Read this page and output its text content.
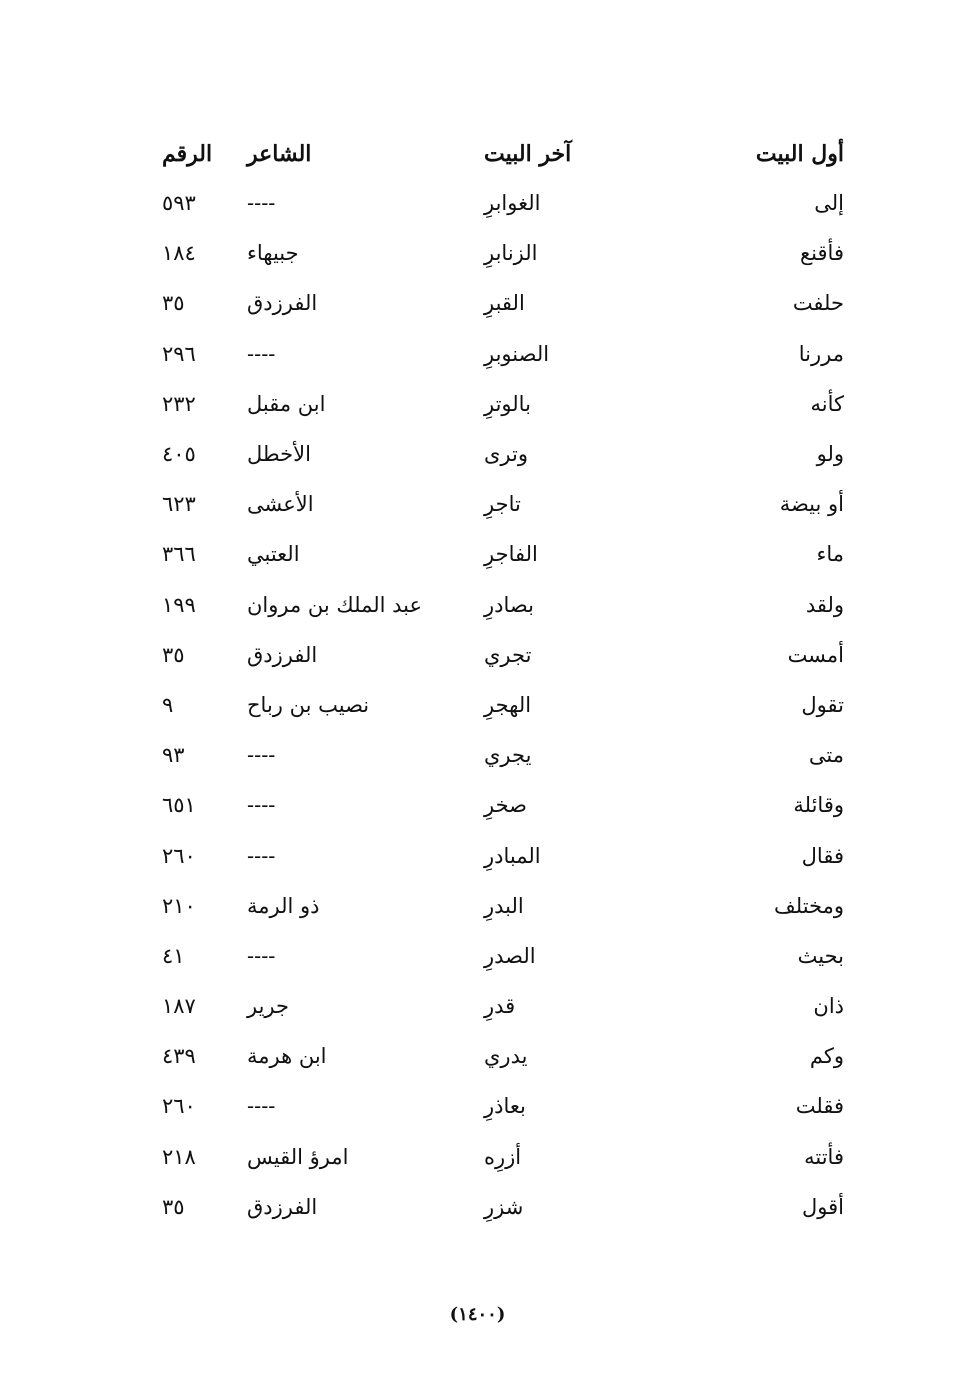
أول البيت	آخر البيت	الشاعر	الرقم
إلى	الغوابرِ	----	٥٩٣
فأقنع	الزنابرِ	جبيهاء	١٨٤
حلفت	القبرِ	الفرزدق	٣٥
مررنا	الصنوبرِ	----	٢٩٦
كأنه	بالوترِ	ابن مقبل	٢٣٢
ولو	وترى	الأخطل	٤٠٥
أو بيضة	تاجرِ	الأعشى	٦٢٣
ماء	الفاجرِ	العتبي	٣٦٦
ولقد	بصادرِ	عبد الملك بن مروان	١٩٩
أمست	تجري	الفرزدق	٣٥
تقول	الهجرِ	نصيب بن رباح	٩
متى	يجري	----	٩٣
وقائلة	صخرِ	----	٦٥١
فقال	المبادرِ	----	٢٦٠
ومختلف	البدرِ	ذو الرمة	٢١٠
بحيث	الصدرِ	----	٤١
ذان	قدرِ	جرير	١٨٧
وكم	يدري	ابن هرمة	٤٣٩
فقلت	بعاذرِ	----	٢٦٠
فأتته	أزرِه	امرؤ القيس	٢١٨
أقول	شزرِ	الفرزدق	٣٥
(١٤٠٠)
